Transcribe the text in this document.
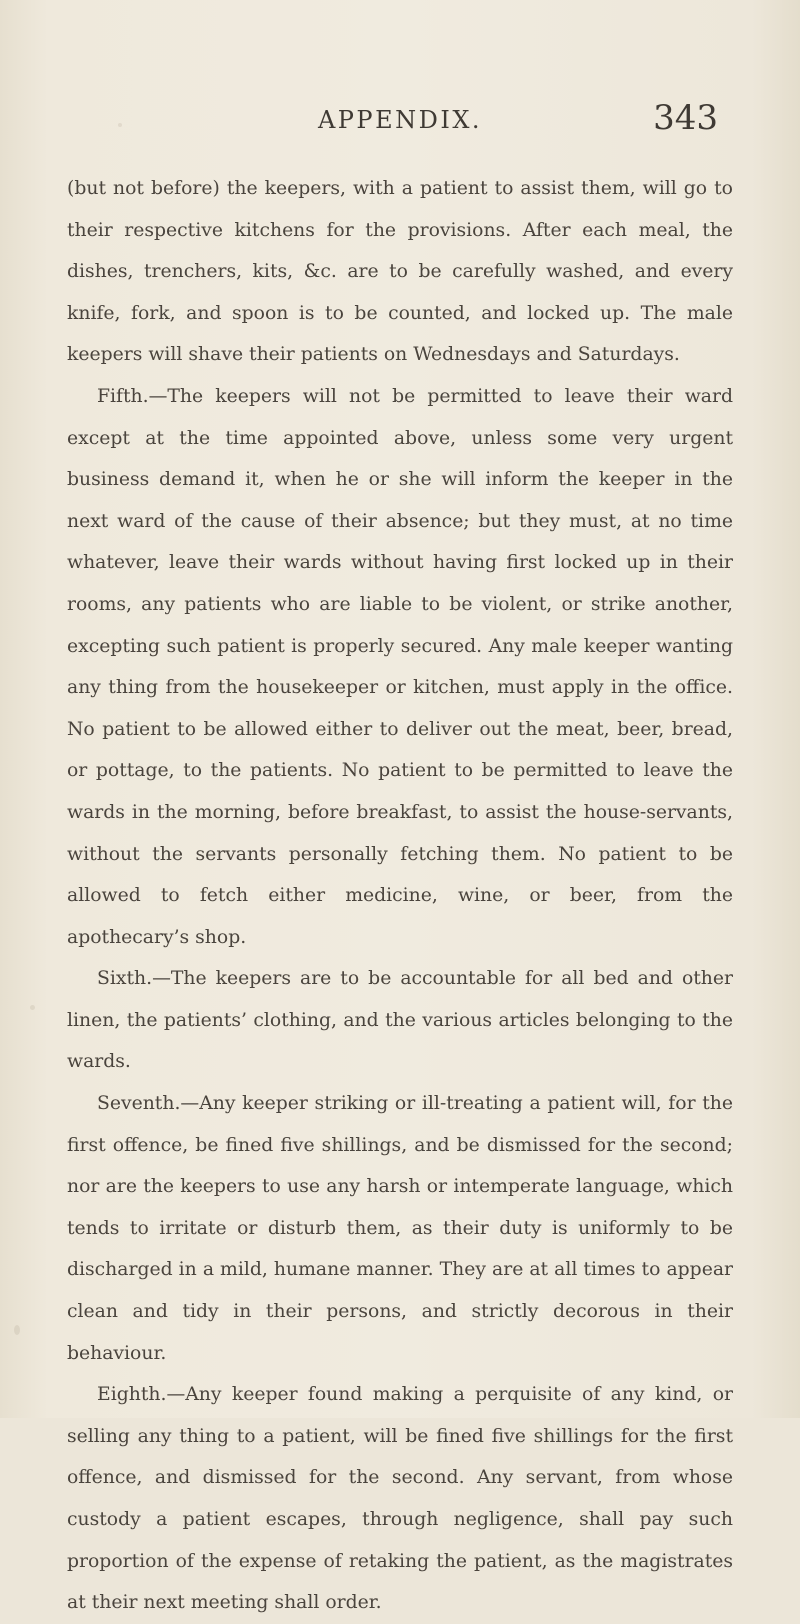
APPENDIX.	343

(but not before) the keepers, with a patient to assist them, will go to their respective kitchens for the provisions. After each meal, the dishes, trenchers, kits, &c. are to be carefully washed, and every knife, fork, and spoon is to be counted, and locked up. The male keepers will shave their patients on Wednesdays and Saturdays.

Fifth.—The keepers will not be permitted to leave their ward except at the time appointed above, unless some very urgent business demand it, when he or she will inform the keeper in the next ward of the cause of their absence; but they must, at no time whatever, leave their wards without having first locked up in their rooms, any patients who are liable to be violent, or strike another, excepting such patient is properly secured. Any male keeper wanting any thing from the housekeeper or kitchen, must apply in the office. No patient to be allowed either to deliver out the meat, beer, bread, or pottage, to the patients. No patient to be permitted to leave the wards in the morning, before breakfast, to assist the house-servants, without the servants personally fetching them. No patient to be allowed to fetch either medicine, wine, or beer, from the apothecary’s shop.

Sixth.—The keepers are to be accountable for all bed and other linen, the patients’ clothing, and the various articles belonging to the wards.

Seventh.—Any keeper striking or ill-treating a patient will, for the first offence, be fined five shillings, and be dismissed for the second; nor are the keepers to use any harsh or intemperate language, which tends to irritate or disturb them, as their duty is uniformly to be discharged in a mild, humane manner. They are at all times to appear clean and tidy in their persons, and strictly decorous in their behaviour.

Eighth.—Any keeper found making a perquisite of any kind, or selling any thing to a patient, will be fined five shillings for the first offence, and dismissed for the second. Any servant, from whose custody a patient escapes, through negligence, shall pay such proportion of the expense of retaking the patient, as the magistrates at their next meeting shall order.
